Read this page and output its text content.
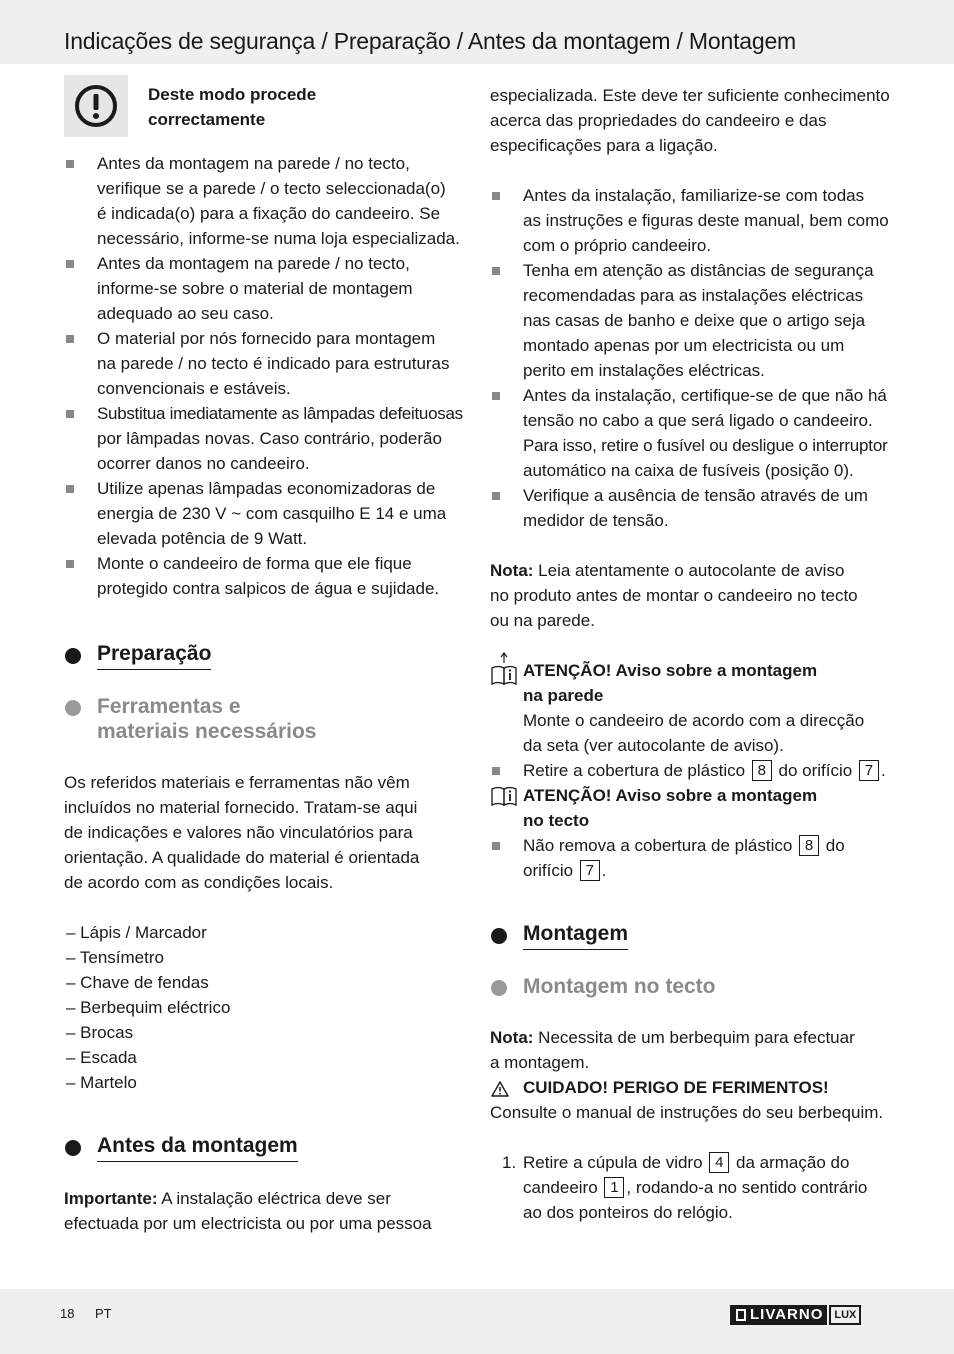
Indicações de segurança / Preparação / Antes da montagem / Montagem
Deste modo procede
correctamente
Antes da montagem na parede / no tecto,
verifique se a parede / o tecto seleccionada(o)
é indicada(o) para a fixação do candeeiro. Se
necessário, informe-se numa loja especializada.
Antes da montagem na parede / no tecto,
informe-se sobre o material de montagem
adequado ao seu caso.
O material por nós fornecido para montagem
na parede / no tecto é indicado para estruturas
convencionais e estáveis.
Substitua imediatamente as lâmpadas defeituosas
por lâmpadas novas. Caso contrário, poderão
ocorrer danos no candeeiro.
Utilize apenas lâmpadas economizadoras de
energia de 230 V ~ com casquilho E 14 e uma
elevada potência de 9 Watt.
Monte o candeeiro de forma que ele fique
protegido contra salpicos de água e sujidade.
Preparação
Ferramentas e
materiais necessários
Os referidos materiais e ferramentas não vêm
incluídos no material fornecido. Tratam-se aqui
de indicações e valores não vinculatórios para
orientação. A qualidade do material é orientada
de acordo com as condições locais.
– Lápis / Marcador
– Tensímetro
– Chave de fendas
– Berbequim eléctrico
– Brocas
– Escada
– Martelo
Antes da montagem
Importante: A instalação eléctrica deve ser
efectuada por um electricista ou por uma pessoa
especializada. Este deve ter suficiente conhecimento
acerca das propriedades do candeeiro e das
especificações para a ligação.
Antes da instalação, familiarize-se com todas
as instruções e figuras deste manual, bem como
com o próprio candeeiro.
Tenha em atenção as distâncias de segurança
recomendadas para as instalações eléctricas
nas casas de banho e deixe que o artigo seja
montado apenas por um electricista ou um
perito em instalações eléctricas.
Antes da instalação, certifique-se de que não há
tensão no cabo a que será ligado o candeeiro.
Para isso, retire o fusível ou desligue o interruptor
automático na caixa de fusíveis (posição 0).
Verifique a ausência de tensão através de um
medidor de tensão.
Nota: Leia atentamente o autocolante de aviso
no produto antes de montar o candeeiro no tecto
ou na parede.
ATENÇÃO! Aviso sobre a montagem
na parede
Monte o candeeiro de acordo com a direcção
da seta (ver autocolante de aviso).
Retire a cobertura de plástico 8 do orifício 7 .
ATENÇÃO! Aviso sobre a montagem
no tecto
Não remova a cobertura de plástico 8 do
orifício 7 .
Montagem
Montagem no tecto
Nota: Necessita de um berbequim para efectuar
a montagem.
CUIDADO! PERIGO DE FERIMENTOS!
Consulte o manual de instruções do seu berbequim.
1. Retire a cúpula de vidro 4 da armação do
candeeiro 1 , rodando-a no sentido contrário
ao dos ponteiros do relógio.
18 PT	LIVARNO	LUX
